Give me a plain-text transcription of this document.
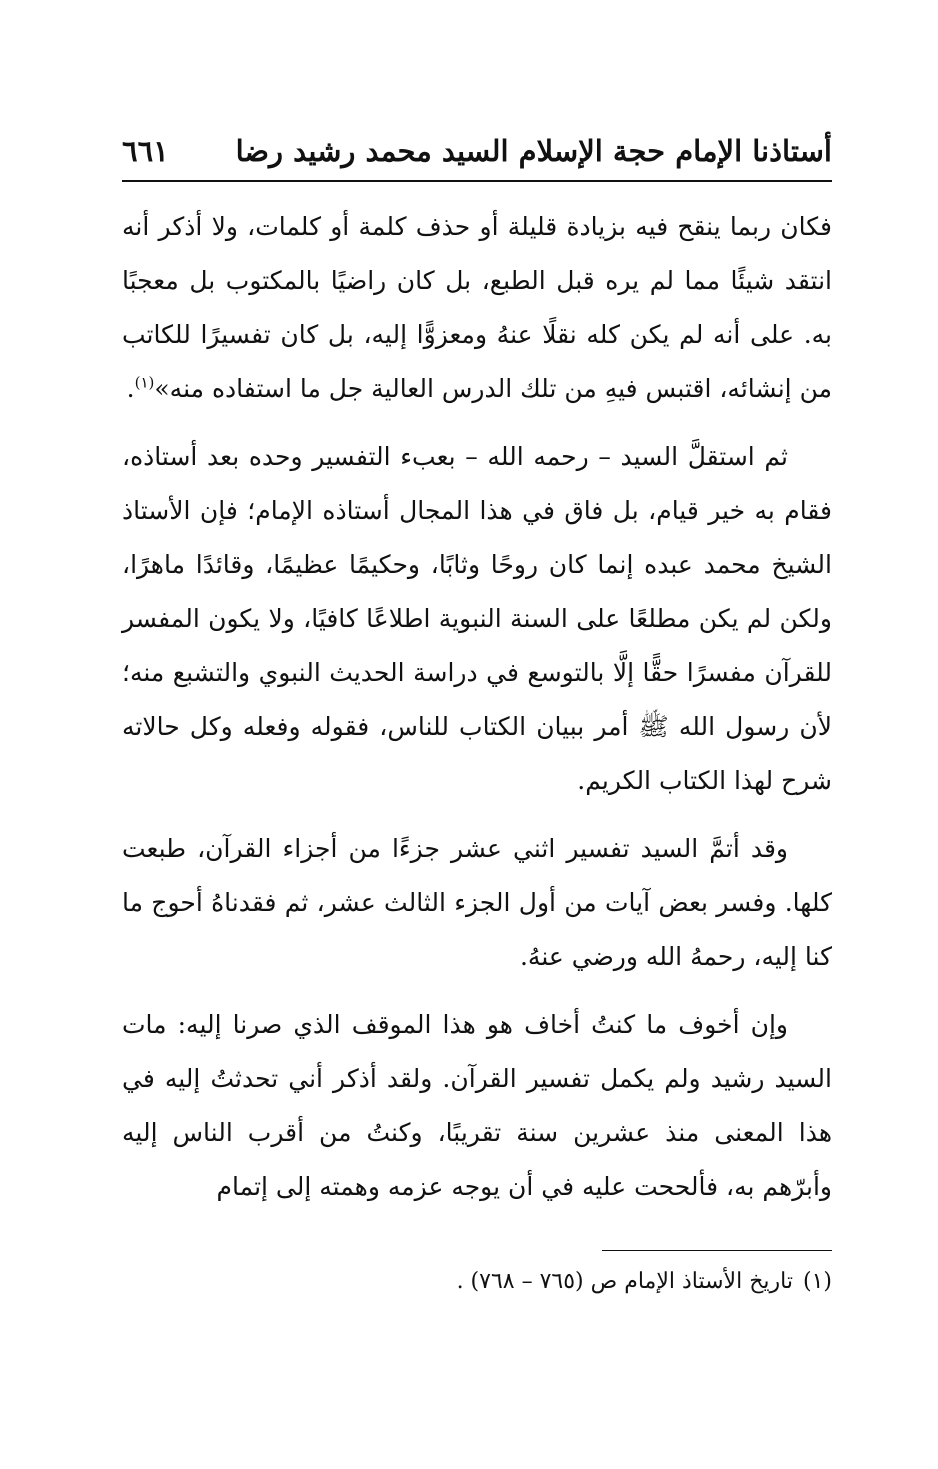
أستاذنا الإمام حجة الإسلام السيد محمد رشيد رضا
٦٦١

فكان ربما ينقح فيه بزيادة قليلة أو حذف كلمة أو كلمات، ولا أذكر أنه انتقد شيئًا مما لم يره قبل الطبع، بل كان راضيًا بالمكتوب بل معجبًا به. على أنه لم يكن كله نقلًا عنهُ ومعزوًّا إليه، بل كان تفسيرًا للكاتب من إنشائه، اقتبس فيهِ من تلك الدرس العالية جل ما استفاده منه»$^{(١)}$.

ثم استقلَّ السيد – رحمه الله – بعبء التفسير وحده بعد أستاذه، فقام به خير قيام، بل فاق في هذا المجال أستاذه الإمام؛ فإن الأستاذ الشيخ محمد عبده إنما كان روحًا وثابًا، وحكيمًا عظيمًا، وقائدًا ماهرًا، ولكن لم يكن مطلعًا على السنة النبوية اطلاعًا كافيًا، ولا يكون المفسر للقرآن مفسرًا حقًّا إلَّا بالتوسع في دراسة الحديث النبوي والتشبع منه؛ لأن رسول الله ﷺ أمر ببيان الكتاب للناس، فقوله وفعله وكل حالاته شرح لهذا الكتاب الكريم.

وقد أتمَّ السيد تفسير اثني عشر جزءًا من أجزاء القرآن، طبعت كلها. وفسر بعض آيات من أول الجزء الثالث عشر، ثم فقدناهُ أحوج ما كنا إليه، رحمهُ الله ورضي عنهُ.

وإن أخوف ما كنتُ أخاف هو هذا الموقف الذي صرنا إليه: مات السيد رشيد ولم يكمل تفسير القرآن. ولقد أذكر أني تحدثتُ إليه في هذا المعنى منذ عشرين سنة تقريبًا، وكنتُ من أقرب الناس إليه وأبرّهم به، فألححت عليه في أن يوجه عزمه وهمته إلى إتمام

(١)تاريخ الأستاذ الإمام ص (٧٦٥ – ٧٦٨) .
